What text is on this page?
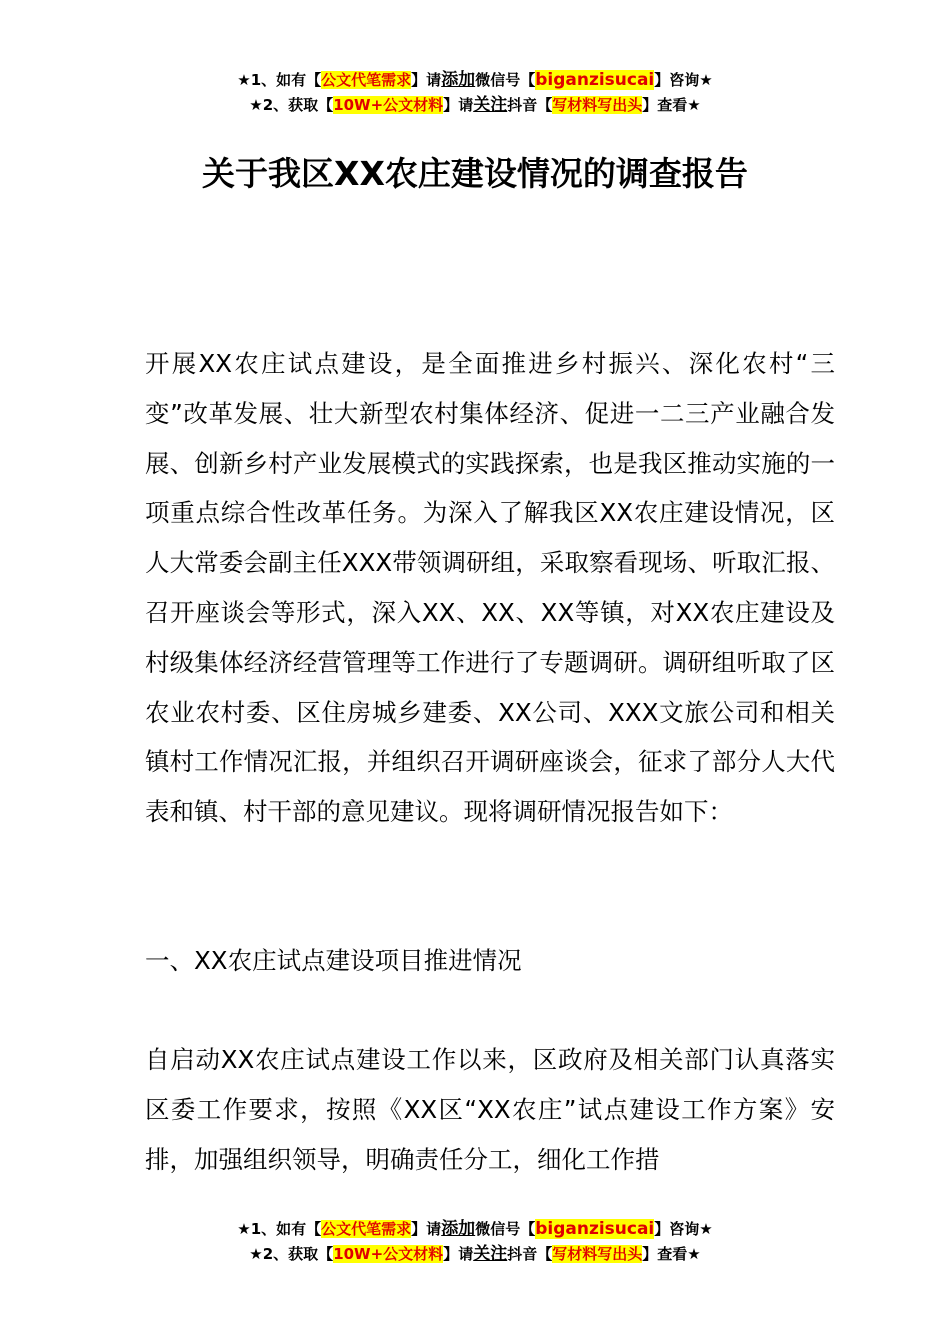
★1、如有【公文代笔需求】请添加微信号【biganzisucai】咨询★
★2、获取【10W+公文材料】请关注抖音【写材料写出头】查看★
关于我区XX农庄建设情况的调查报告

开展XX农庄试点建设，是全面推进乡村振兴、深化农村“三变”改革发展、壮大新型农村集体经济、促进一二三产业融合发展、创新乡村产业发展模式的实践探索，也是我区推动实施的一项重点综合性改革任务。为深入了解我区XX农庄建设情况，区人大常委会副主任XXX带领调研组，采取察看现场、听取汇报、召开座谈会等形式，深入XX、XX、XX等镇，对XX农庄建设及村级集体经济经营管理等工作进行了专题调研。调研组听取了区农业农村委、区住房城乡建委、XX公司、XXX文旅公司和相关镇村工作情况汇报，并组织召开调研座谈会，征求了部分人大代表和镇、村干部的意见建议。现将调研情况报告如下：

一、XX农庄试点建设项目推进情况

自启动XX农庄试点建设工作以来，区政府及相关部门认真落实区委工作要求，按照《XX区“XX农庄”试点建设工作方案》安排，加强组织领导，明确责任分工，细化工作措

★1、如有【公文代笔需求】请添加微信号【biganzisucai】咨询★
★2、获取【10W+公文材料】请关注抖音【写材料写出头】查看★
